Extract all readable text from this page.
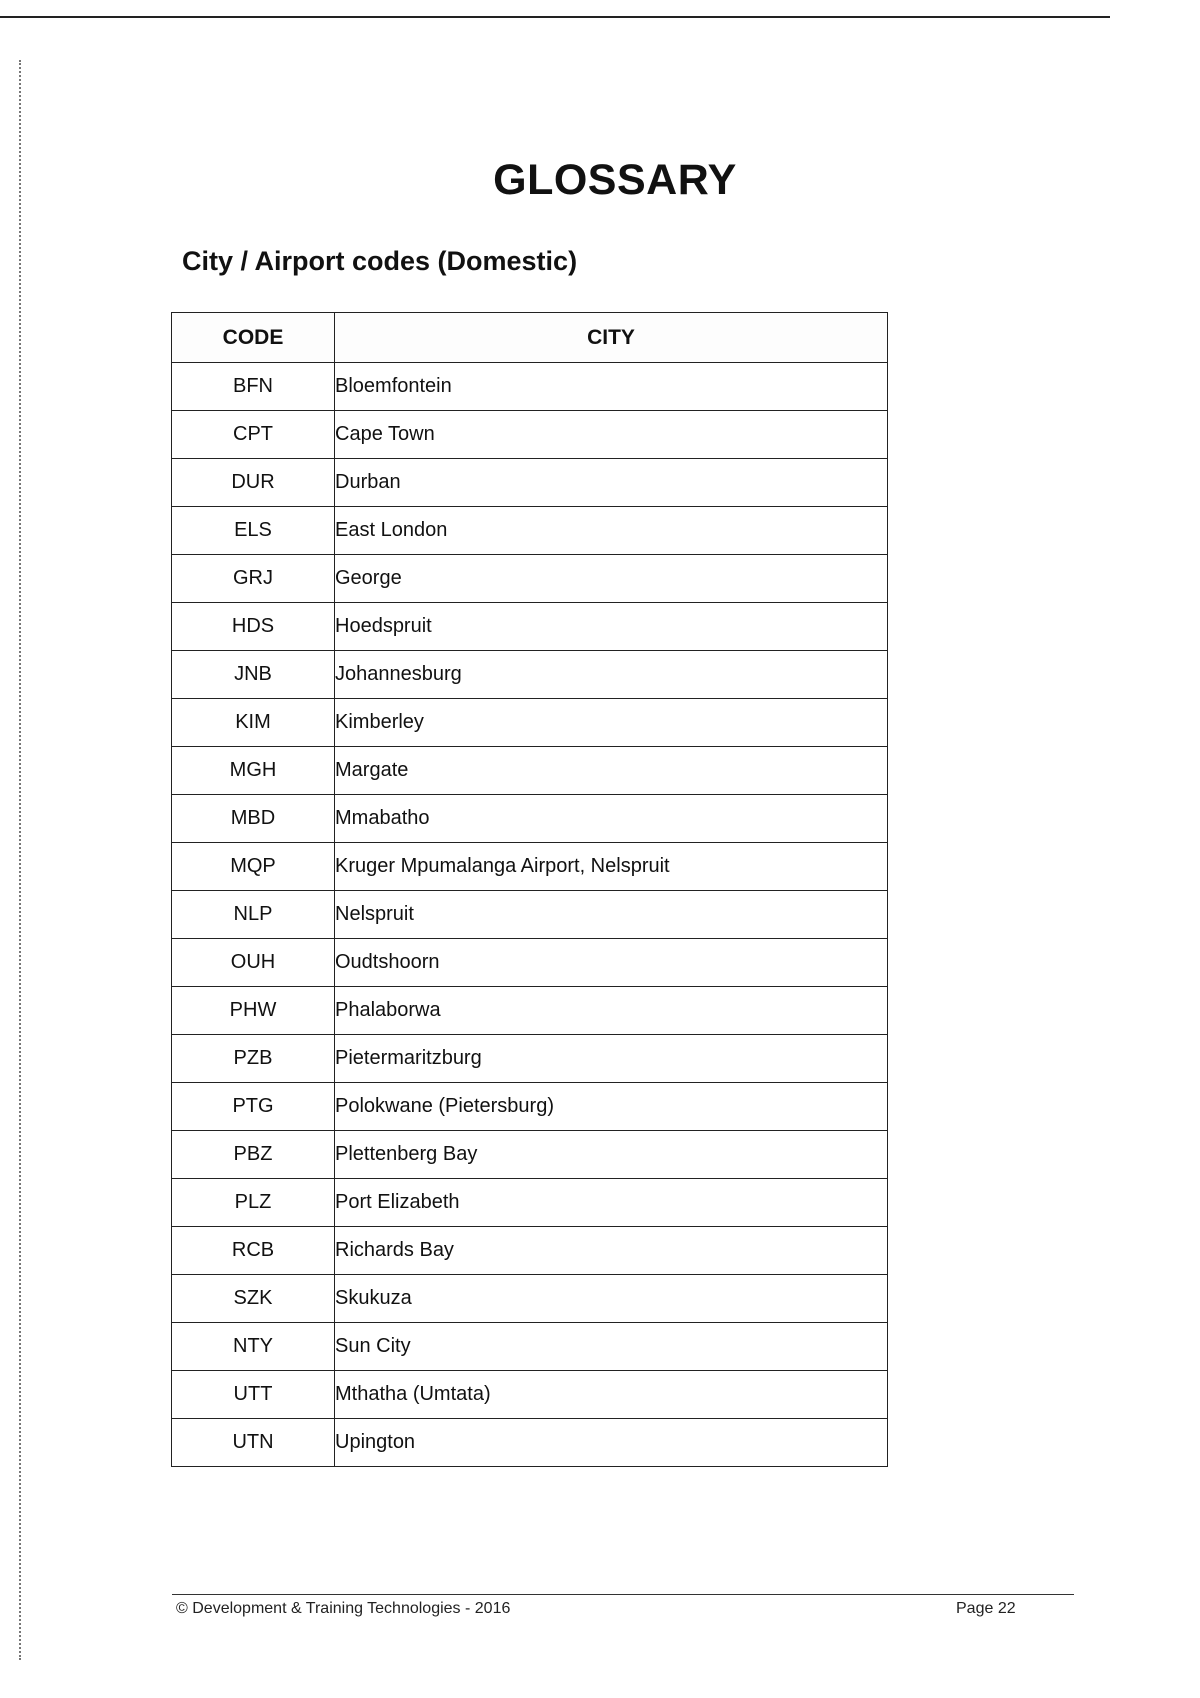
GLOSSARY
City / Airport codes (Domestic)
CODE	CITY
BFN	Bloemfontein
CPT	Cape Town
DUR	Durban
ELS	East London
GRJ	George
HDS	Hoedspruit
JNB	Johannesburg
KIM	Kimberley
MGH	Margate
MBD	Mmabatho
MQP	Kruger Mpumalanga Airport, Nelspruit
NLP	Nelspruit
OUH	Oudtshoorn
PHW	Phalaborwa
PZB	Pietermaritzburg
PTG	Polokwane (Pietersburg)
PBZ	Plettenberg Bay
PLZ	Port Elizabeth
RCB	Richards Bay
SZK	Skukuza
NTY	Sun City
UTT	Mthatha (Umtata)
UTN	Upington
© Development & Training Technologies - 2016	Page 22
